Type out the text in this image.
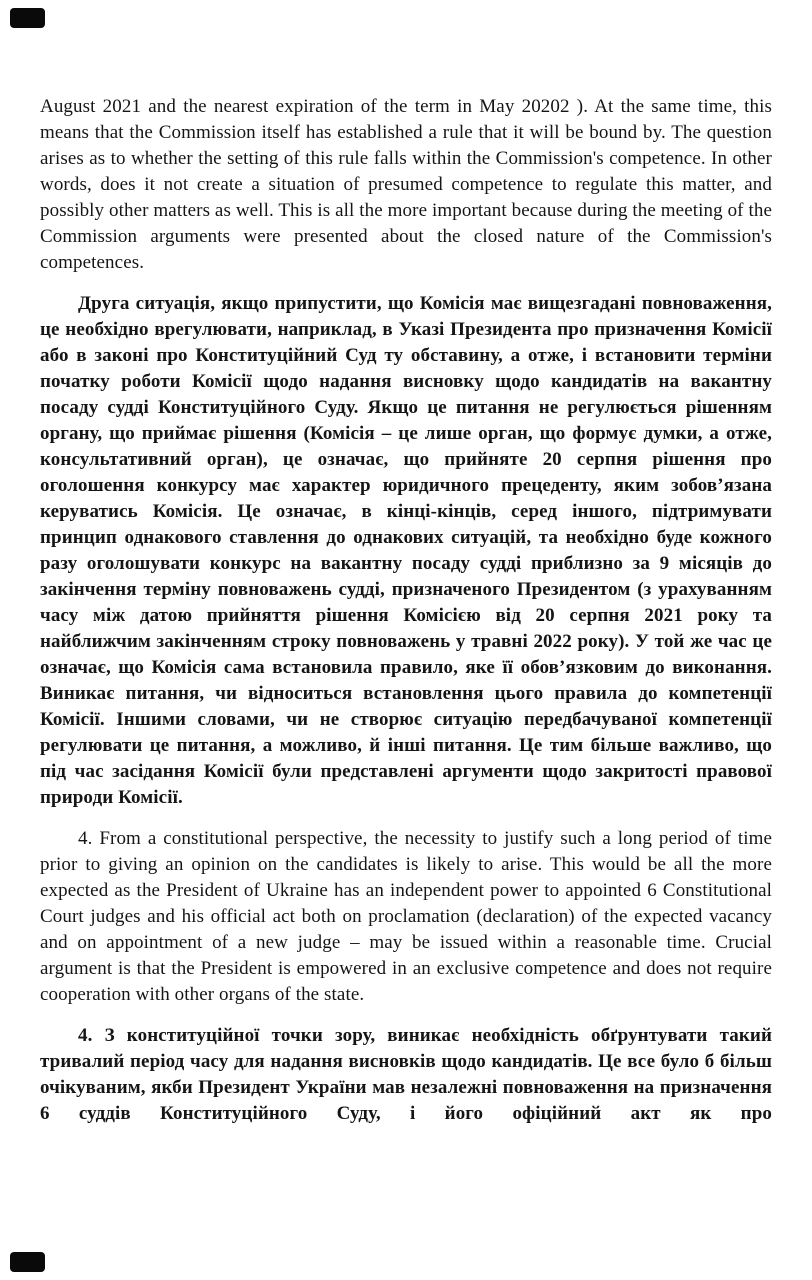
August 2021 and the nearest expiration of the term in May 20202 ). At the same time, this means that the Commission itself has established a rule that it will be bound by. The question arises as to whether the setting of this rule falls within the Commission's competence. In other words, does it not create a situation of presumed competence to regulate this matter, and possibly other matters as well. This is all the more important because during the meeting of the Commission arguments were presented about the closed nature of the Commission's competences.

Друга ситуація, якщо припустити, що Комісія має вищезгадані повноваження, це необхідно врегулювати, наприклад, в Указі Президента про призначення Комісії або в законі про Конституційний Суд ту обставину, а отже, і встановити терміни початку роботи Комісії щодо надання висновку щодо кандидатів на вакантну посаду судді Конституційного Суду. Якщо це питання не регулюється рішенням органу, що приймає рішення (Комісія – це лише орган, що формує думки, а отже, консультативний орган), це означає, що прийняте 20 серпня рішення про оголошення конкурсу має характер юридичного прецеденту, яким зобов’язана керуватись Комісія. Це означає, в кінці-кінців, серед іншого, підтримувати принцип однакового ставлення до однакових ситуацій, та необхідно буде кожного разу оголошувати конкурс на вакантну посаду судді приблизно за 9 місяців до закінчення терміну повноважень судді, призначеного Президентом (з урахуванням часу між датою прийняття рішення Комісією від 20 серпня 2021 року та найближчим закінченням строку повноважень у травні 2022 року). У той же час це означає, що Комісія сама встановила правило, яке її обов’язковим до виконання. Виникає питання, чи відноситься встановлення цього правила до компетенції Комісії. Іншими словами, чи не створює ситуацію передбачуваної компетенції регулювати це питання, а можливо, й інші питання. Це тим більше важливо, що під час засідання Комісії були представлені аргументи щодо закритості правової природи Комісії.

4. From a constitutional perspective, the necessity to justify such a long period of time prior to giving an opinion on the candidates is likely to arise. This would be all the more expected as the President of Ukraine has an independent power to appointed 6 Constitutional Court judges and his official act both on proclamation (declaration) of the expected vacancy and on appointment of a new judge – may be issued within a reasonable time. Crucial argument is that the President is empowered in an exclusive competence and does not require cooperation with other organs of the state.

4. З конституційної точки зору, виникає необхідність обґрунтувати такий тривалий період часу для надання висновків щодо кандидатів. Це все було б більш очікуваним, якби Президент України мав незалежні повноваження на призначення 6 суддів Конституційного Суду, і його офіційний акт як про
